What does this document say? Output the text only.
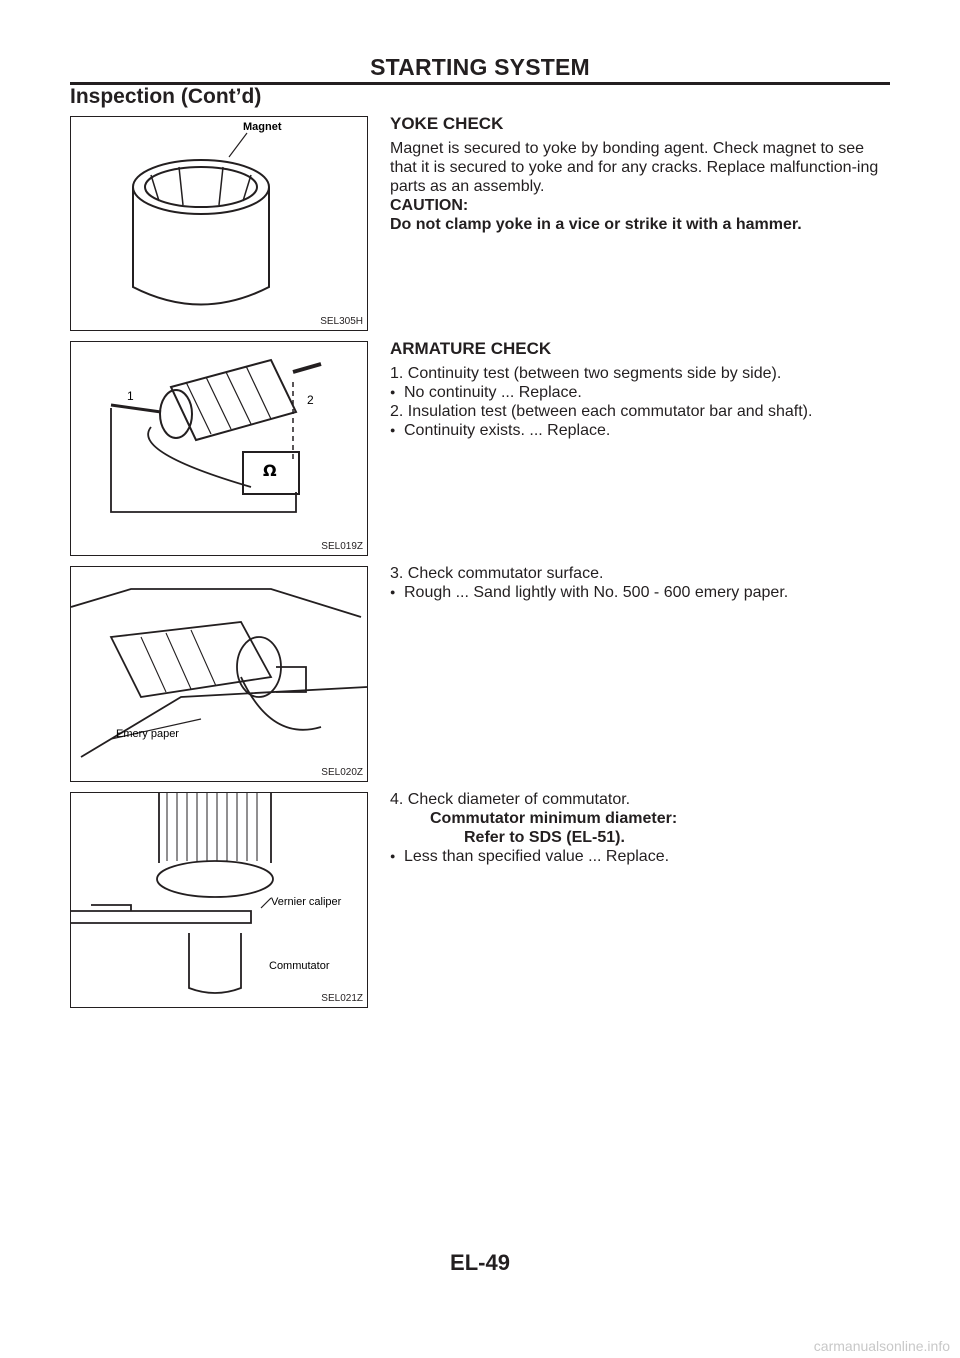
STARTING SYSTEM
Inspection (Cont’d)
Magnet
SEL305H
1	2
Ω
SEL019Z
Emery paper
SEL020Z
Vernier caliper
Commutator
SEL021Z
YOKE CHECK

Magnet is secured to yoke by bonding agent. Check magnet to see that it is secured to yoke and for any cracks. Replace malfunction-ing parts as an assembly.

CAUTION:

Do not clamp yoke in a vice or strike it with a hammer.

ARMATURE CHECK

1. Continuity test (between two segments side by side).

● No continuity ... Replace.

2. Insulation test (between each commutator bar and shaft).

● Continuity exists. ... Replace.

3. Check commutator surface.

● Rough ... Sand lightly with No. 500 - 600 emery paper.

4. Check diameter of commutator.

Commutator minimum diameter:

Refer to SDS (EL-51).

● Less than specified value ... Replace.

EL-49
carmanualsonline.info
